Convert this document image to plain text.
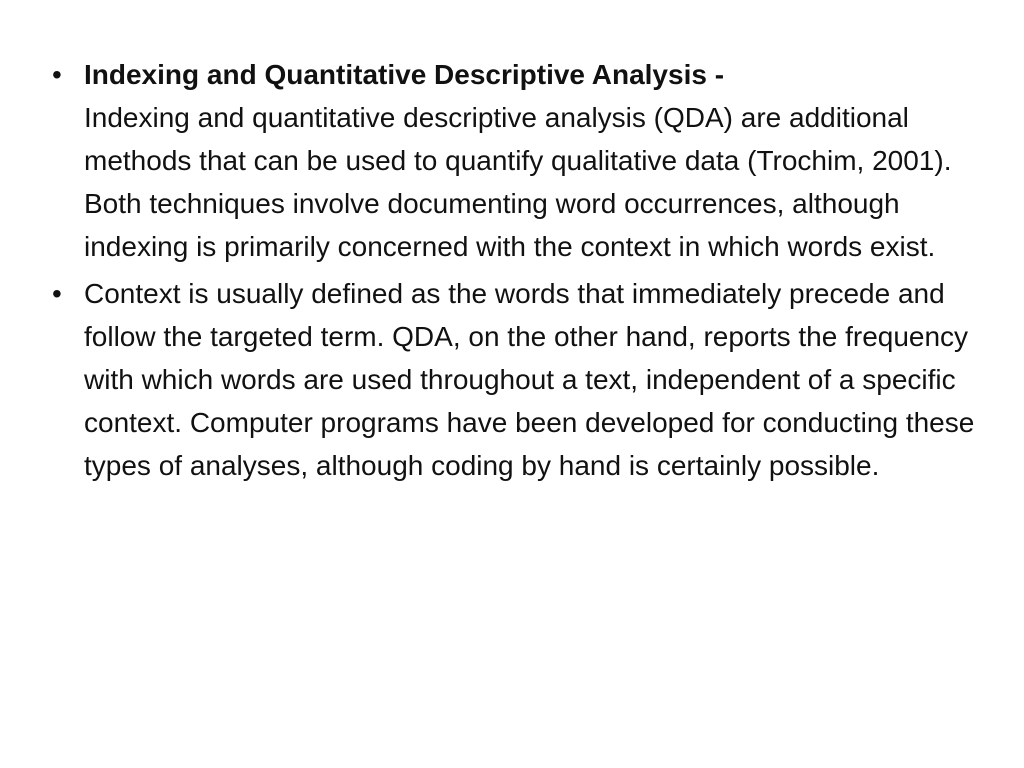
• Indexing and Quantitative Descriptive Analysis -
Indexing and quantitative descriptive analysis (QDA) are additional methods that can be used to quantify qualitative data (Trochim, 2001). Both techniques involve documenting word occurrences, although indexing is primarily concerned with the context in which words exist.
• Context is usually defined as the words that immediately precede and follow the targeted term. QDA, on the other hand, reports the frequency with which words are used throughout a text, independent of a specific context. Computer programs have been developed for conducting these types of analyses, although coding by hand is certainly possible.
